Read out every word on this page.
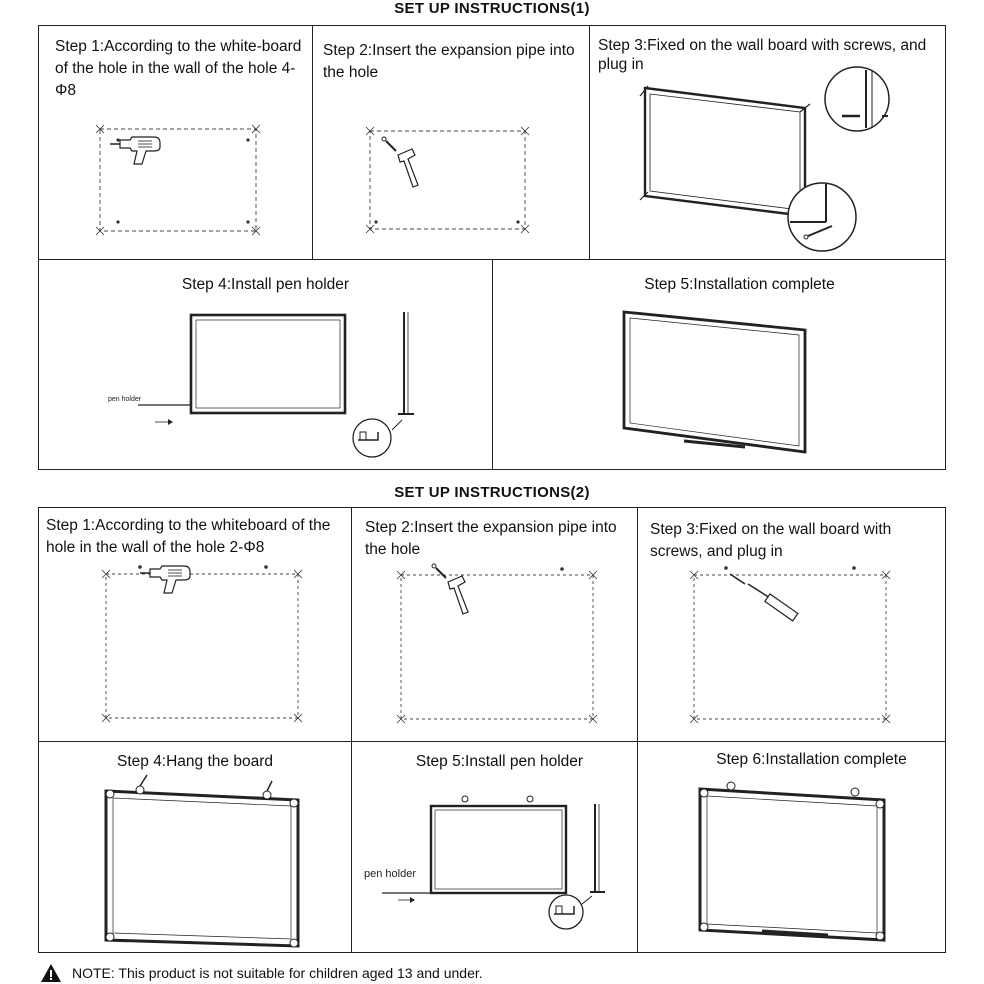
SET UP INSTRUCTIONS(1)
Step 1:According to the white-board of the hole in the wall of the hole 4-Φ8
Step 2:Insert the expansion pipe into the hole
Step 3:Fixed on the wall board with screws, and plug in
Step 4:Install pen holder	Step 5:Installation complete
SET UP INSTRUCTIONS(2)
Step 1:According to the whiteboard of the hole in the wall of the hole 2-Φ8
Step 2:Insert the expansion pipe into the hole
Step 3:Fixed on the wall board with screws, and plug in
Step 4:Hang the board	Step 5:Install pen holder	Step 6:Installation complete
pen holder
pen holder
NOTE: This product is not suitable for children aged 13 and under.
